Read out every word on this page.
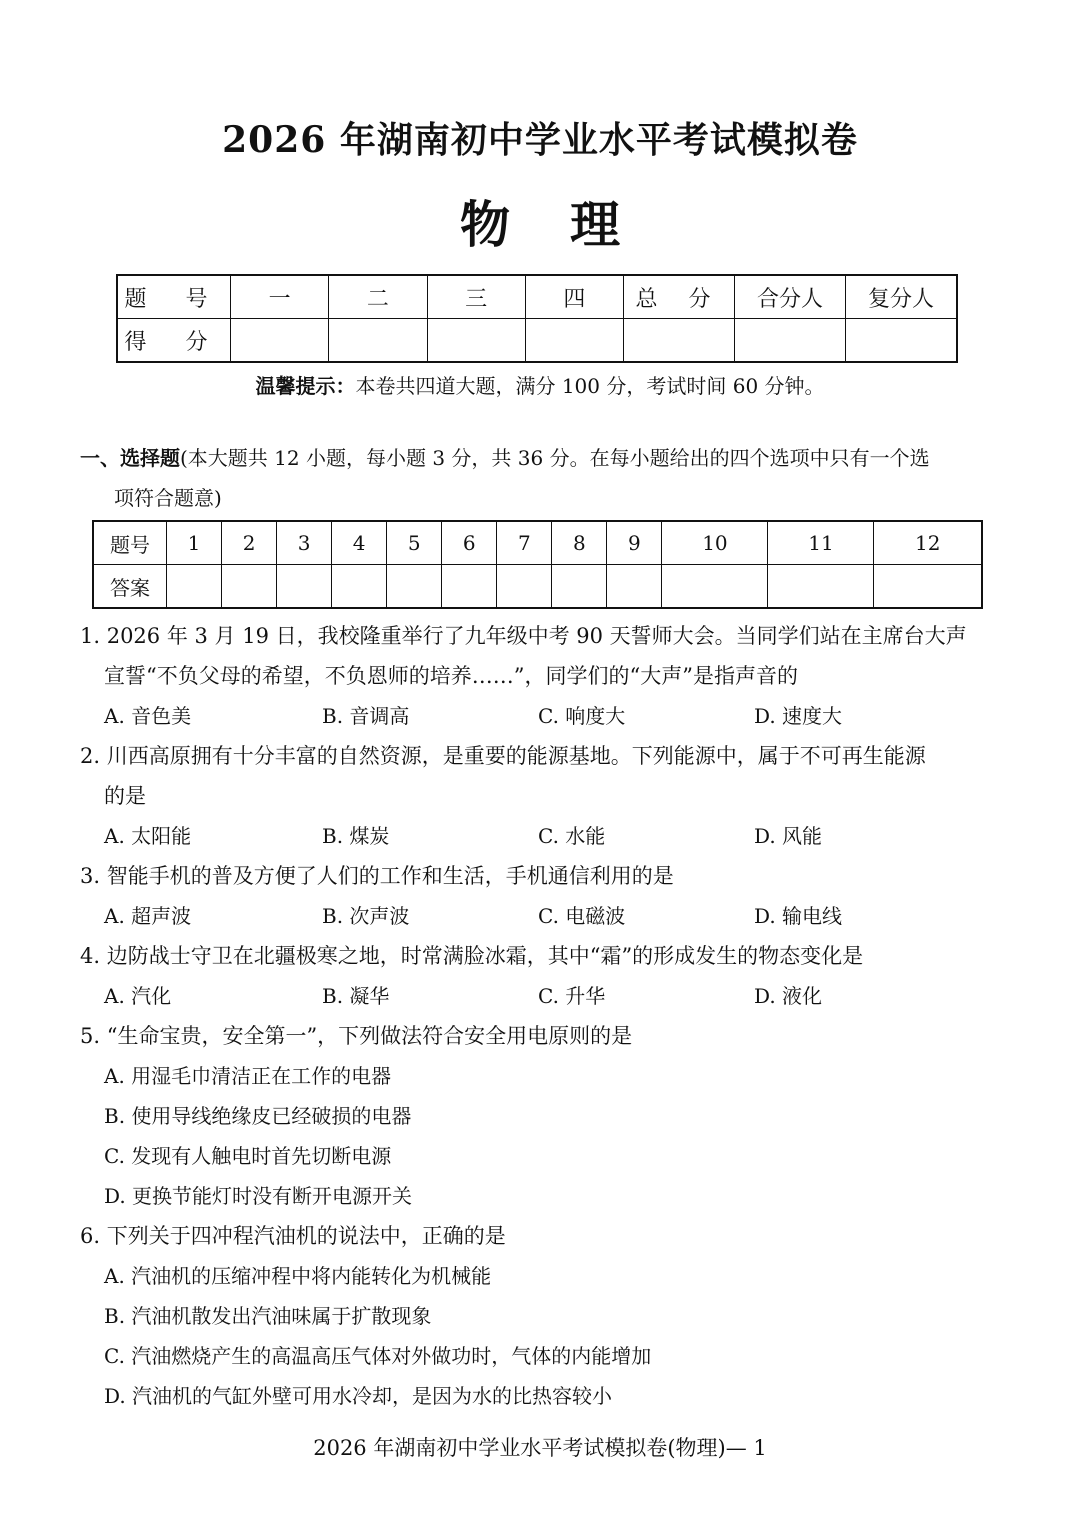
2026 年湖南初中学业水平考试模拟卷
物理
题 号	一	二	三	四	总 分	合分人	复分人
得 分							
温馨提示：本卷共四道大题，满分 100 分，考试时间 60 分钟。
一、选择题(本大题共 12 小题，每小题 3 分，共 36 分。在每小题给出的四个选项中只有一个选
项符合题意)
题号	1	2	3	4	5	6	7	8	9	10	11	12
答案												
1. 2026 年 3 月 19 日，我校隆重举行了九年级中考 90 天誓师大会。当同学们站在主席台大声
宣誓“不负父母的希望，不负恩师的培养……”，同学们的“大声”是指声音的
A. 音色美	B. 音调高	C. 响度大	D. 速度大
2. 川西高原拥有十分丰富的自然资源，是重要的能源基地。下列能源中，属于不可再生能源
的是
A. 太阳能	B. 煤炭	C. 水能	D. 风能
3. 智能手机的普及方便了人们的工作和生活，手机通信利用的是
A. 超声波	B. 次声波	C. 电磁波	D. 输电线
4. 边防战士守卫在北疆极寒之地，时常满脸冰霜，其中“霜”的形成发生的物态变化是
A. 汽化	B. 凝华	C. 升华	D. 液化
5. “生命宝贵，安全第一”，下列做法符合安全用电原则的是
A. 用湿毛巾清洁正在工作的电器
B. 使用导线绝缘皮已经破损的电器
C. 发现有人触电时首先切断电源
D. 更换节能灯时没有断开电源开关
6. 下列关于四冲程汽油机的说法中，正确的是
A. 汽油机的压缩冲程中将内能转化为机械能
B. 汽油机散发出汽油味属于扩散现象
C. 汽油燃烧产生的高温高压气体对外做功时，气体的内能增加
D. 汽油机的气缸外壁可用水冷却，是因为水的比热容较小
2026 年湖南初中学业水平考试模拟卷(物理)— 1
